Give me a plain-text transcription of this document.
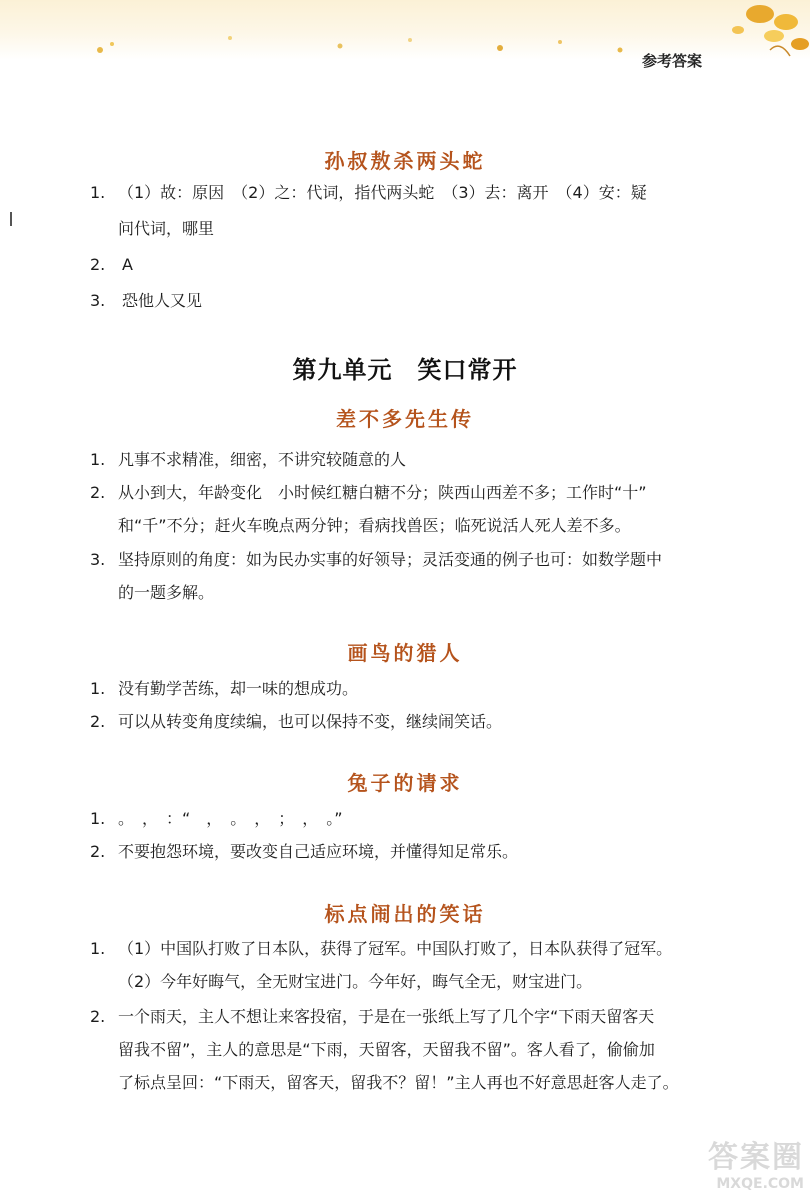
参考答案
孙叔敖杀两头蛇
1. （1）故：原因　（2）之：代词，指代两头蛇　（3）去：离开　（4）安：疑
问代词，哪里
2. A
3. 恐他人又见
第九单元　笑口常开
差不多先生传
1. 凡事不求精准，细密，不讲究较随意的人
2. 从小到大，年龄变化　小时候红糖白糖不分；陕西山西差不多；工作时“十”
和“千”不分；赶火车晚点两分钟；看病找兽医；临死说活人死人差不多。
3. 坚持原则的角度：如为民办实事的好领导；灵活变通的例子也可：如数学题中
的一题多解。
画鸟的猎人
1. 没有勤学苦练，却一味的想成功。
2. 可以从转变角度续编，也可以保持不变，继续闹笑话。
兔子的请求
1. 。　，　：“　，　。　，　；　，　。”
2. 不要抱怨环境，要改变自己适应环境，并懂得知足常乐。
标点闹出的笑话
1. （1）中国队打败了日本队，获得了冠军。中国队打败了，日本队获得了冠军。
（2）今年好晦气，全无财宝进门。今年好，晦气全无，财宝进门。
2. 一个雨天，主人不想让来客投宿，于是在一张纸上写了几个字“下雨天留客天
留我不留”，主人的意思是“下雨，天留客，天留我不留”。客人看了，偷偷加
了标点呈回：“下雨天，留客天，留我不？留！”主人再也不好意思赶客人走了。
答案圈
MXQE.COM
